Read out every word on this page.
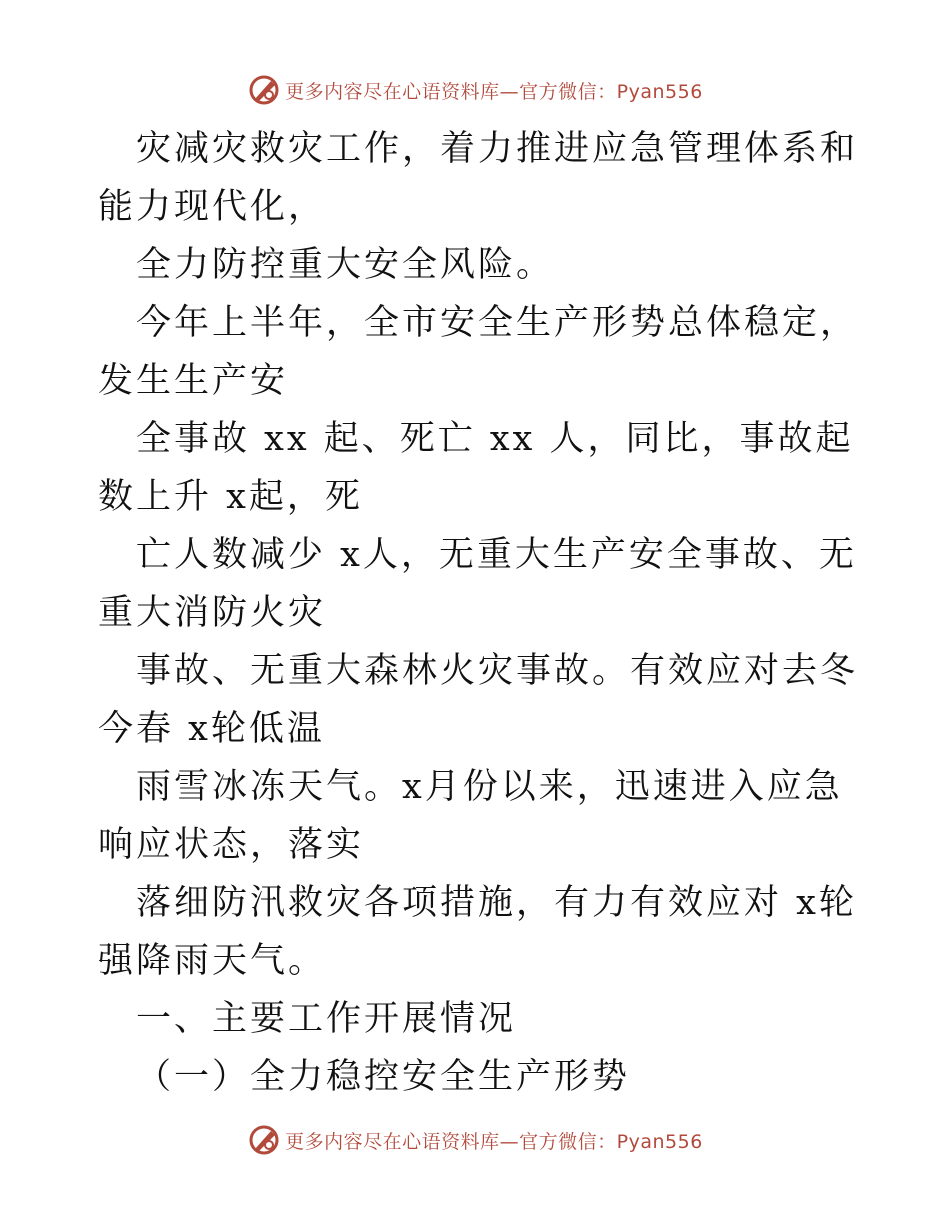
更多内容尽在心语资料库—官方微信：Pyan556

灾减灾救灾工作，着力推进应急管理体系和能力现代化，

全力防控重大安全风险。

今年上半年，全市安全生产形势总体稳定，发生生产安

全事故 xx 起、死亡 xx 人，同比，事故起数上升 x起，死

亡人数减少 x人，无重大生产安全事故、无重大消防火灾

事故、无重大森林火灾事故。有效应对去冬今春 x轮低温

雨雪冰冻天气。x月份以来，迅速进入应急响应状态，落实

落细防汛救灾各项措施，有力有效应对 x轮强降雨天气。

一、主要工作开展情况

（一）全力稳控安全生产形势

更多内容尽在心语资料库—官方微信：Pyan556
